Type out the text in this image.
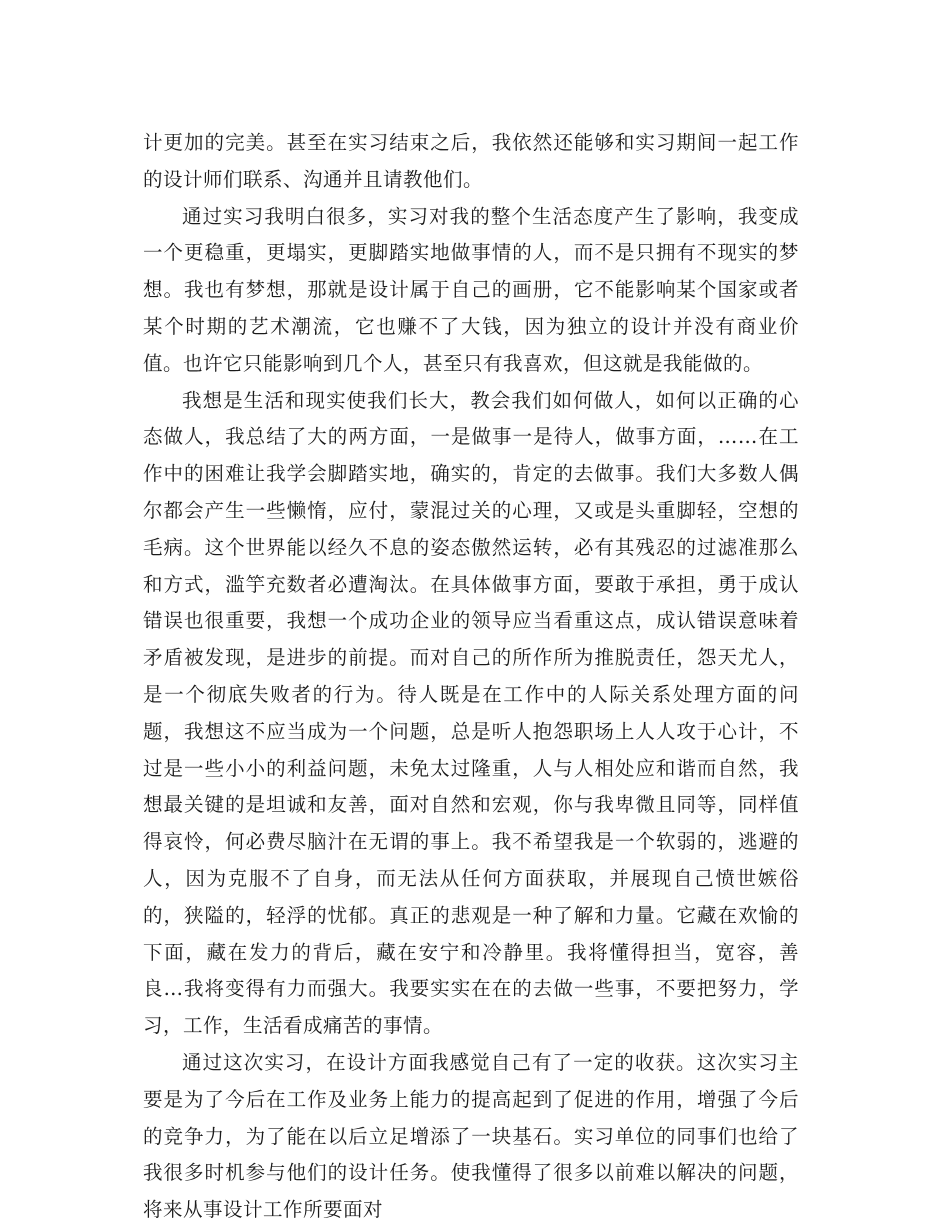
计更加的完美。甚至在实习结束之后，我依然还能够和实习期间一起工作的设计师们联系、沟通并且请教他们。

通过实习我明白很多，实习对我的整个生活态度产生了影响，我变成一个更稳重，更塌实，更脚踏实地做事情的人，而不是只拥有不现实的梦想。我也有梦想，那就是设计属于自己的画册，它不能影响某个国家或者某个时期的艺术潮流，它也赚不了大钱，因为独立的设计并没有商业价值。也许它只能影响到几个人，甚至只有我喜欢，但这就是我能做的。

我想是生活和现实使我们长大，教会我们如何做人，如何以正确的心态做人，我总结了大的两方面，一是做事一是待人，做事方面，……在工作中的困难让我学会脚踏实地，确实的，肯定的去做事。我们大多数人偶尔都会产生一些懒惰，应付，蒙混过关的心理，又或是头重脚轻，空想的毛病。这个世界能以经久不息的姿态傲然运转，必有其残忍的过滤准那么和方式，滥竽充数者必遭淘汰。在具体做事方面，要敢于承担，勇于成认错误也很重要，我想一个成功企业的领导应当看重这点，成认错误意味着矛盾被发现，是进步的前提。而对自己的所作所为推脱责任，怨天尤人，是一个彻底失败者的行为。待人既是在工作中的人际关系处理方面的问题，我想这不应当成为一个问题，总是听人抱怨职场上人人攻于心计，不过是一些小小的利益问题，未免太过隆重，人与人相处应和谐而自然，我想最关键的是坦诚和友善，面对自然和宏观，你与我卑微且同等，同样值得哀怜，何必费尽脑汁在无谓的事上。我不希望我是一个软弱的，逃避的人，因为克服不了自身，而无法从任何方面获取，并展现自己愤世嫉俗的，狭隘的，轻浮的忧郁。真正的悲观是一种了解和力量。它藏在欢愉的下面，藏在发力的背后，藏在安宁和冷静里。我将懂得担当，宽容，善良…我将变得有力而强大。我要实实在在的去做一些事，不要把努力，学习，工作，生活看成痛苦的事情。

通过这次实习，在设计方面我感觉自己有了一定的收获。这次实习主要是为了今后在工作及业务上能力的提高起到了促进的作用，增强了今后的竞争力，为了能在以后立足增添了一块基石。实习单位的同事们也给了我很多时机参与他们的设计任务。使我懂得了很多以前难以解决的问题，将来从事设计工作所要面对
